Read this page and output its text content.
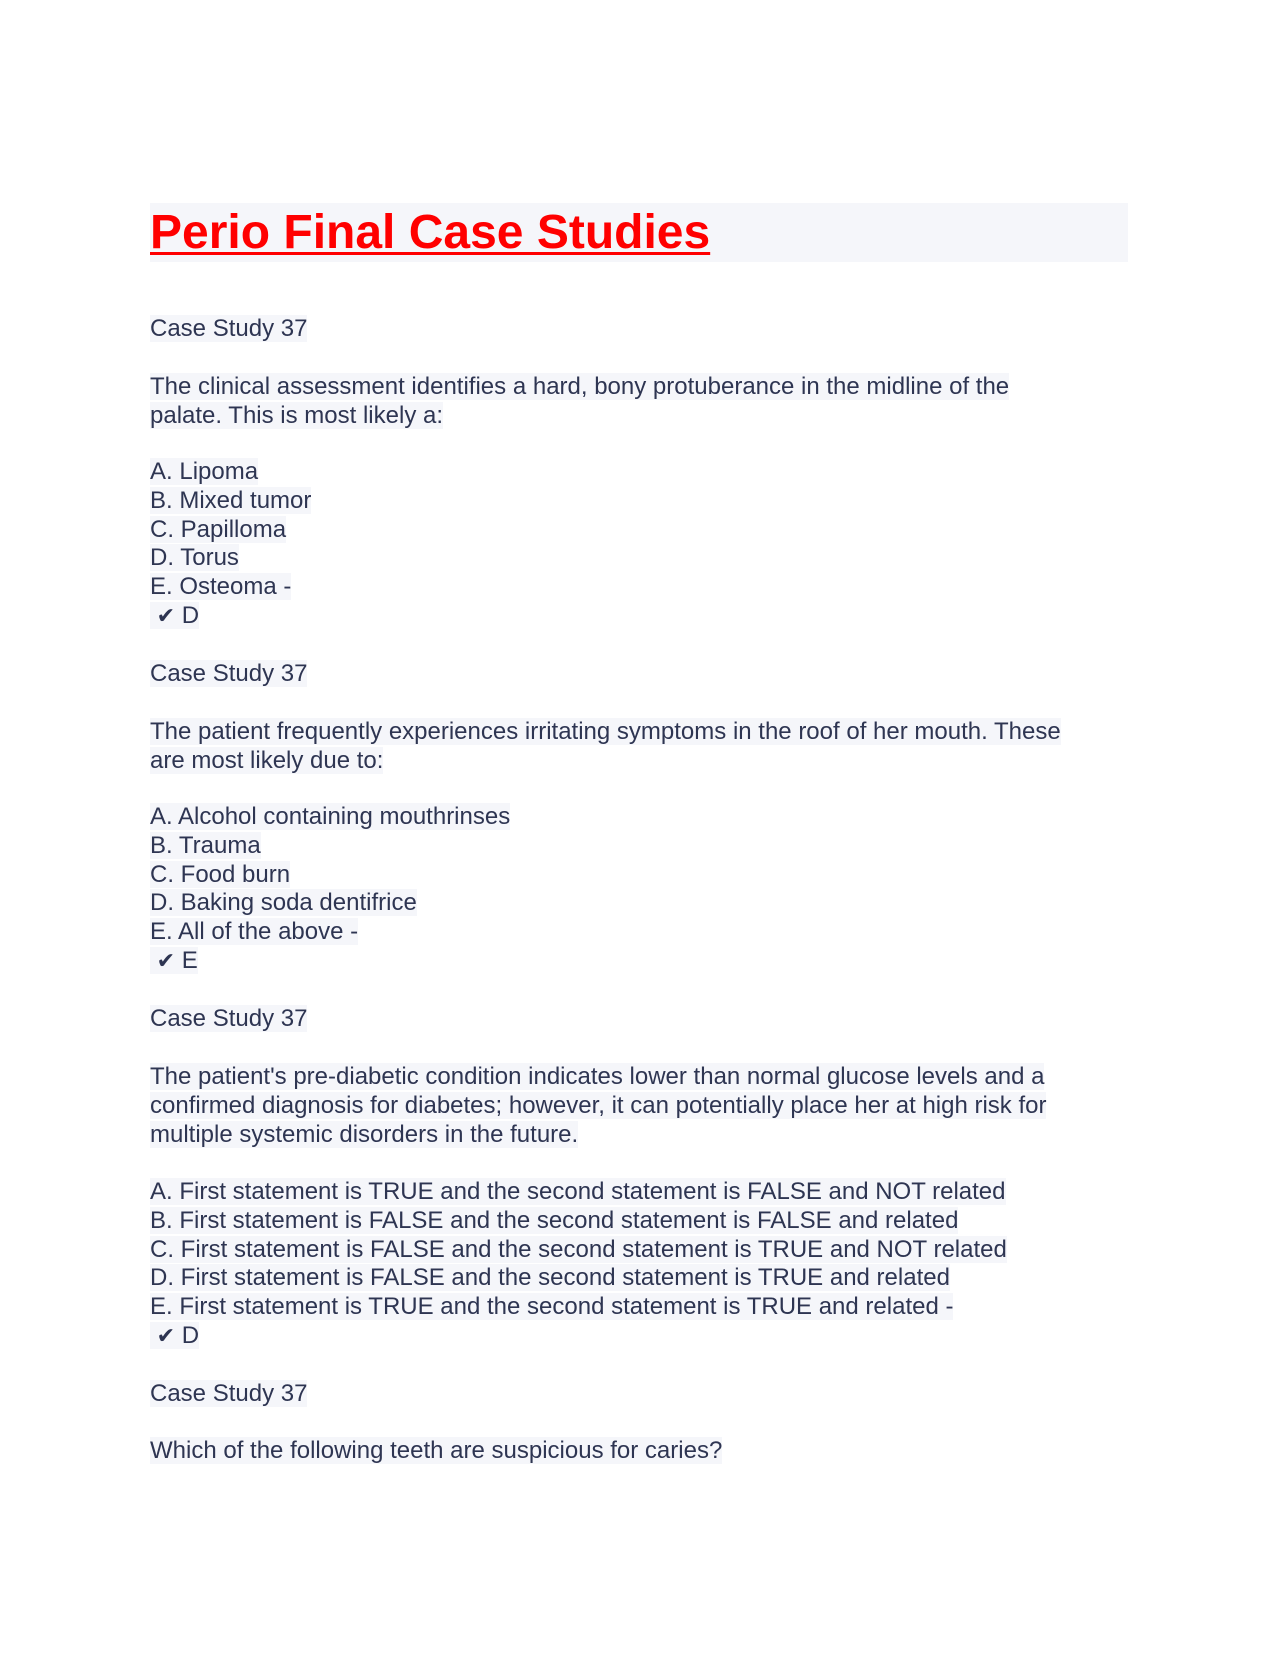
Perio Final Case Studies
Case Study 37
The clinical assessment identifies a hard, bony protuberance in the midline of the
palate. This is most likely a:
A. Lipoma
B. Mixed tumor
C. Papilloma
D. Torus
E. Osteoma -
✔ D
Case Study 37
The patient frequently experiences irritating symptoms in the roof of her mouth. These
are most likely due to:
A. Alcohol containing mouthrinses
B. Trauma
C. Food burn
D. Baking soda dentifrice
E. All of the above -
✔ E
Case Study 37
The patient's pre-diabetic condition indicates lower than normal glucose levels and a
confirmed diagnosis for diabetes; however, it can potentially place her at high risk for
multiple systemic disorders in the future.
A. First statement is TRUE and the second statement is FALSE and NOT related
B. First statement is FALSE and the second statement is FALSE and related
C. First statement is FALSE and the second statement is TRUE and NOT related
D. First statement is FALSE and the second statement is TRUE and related
E. First statement is TRUE and the second statement is TRUE and related -
✔ D
Case Study 37
Which of the following teeth are suspicious for caries?
